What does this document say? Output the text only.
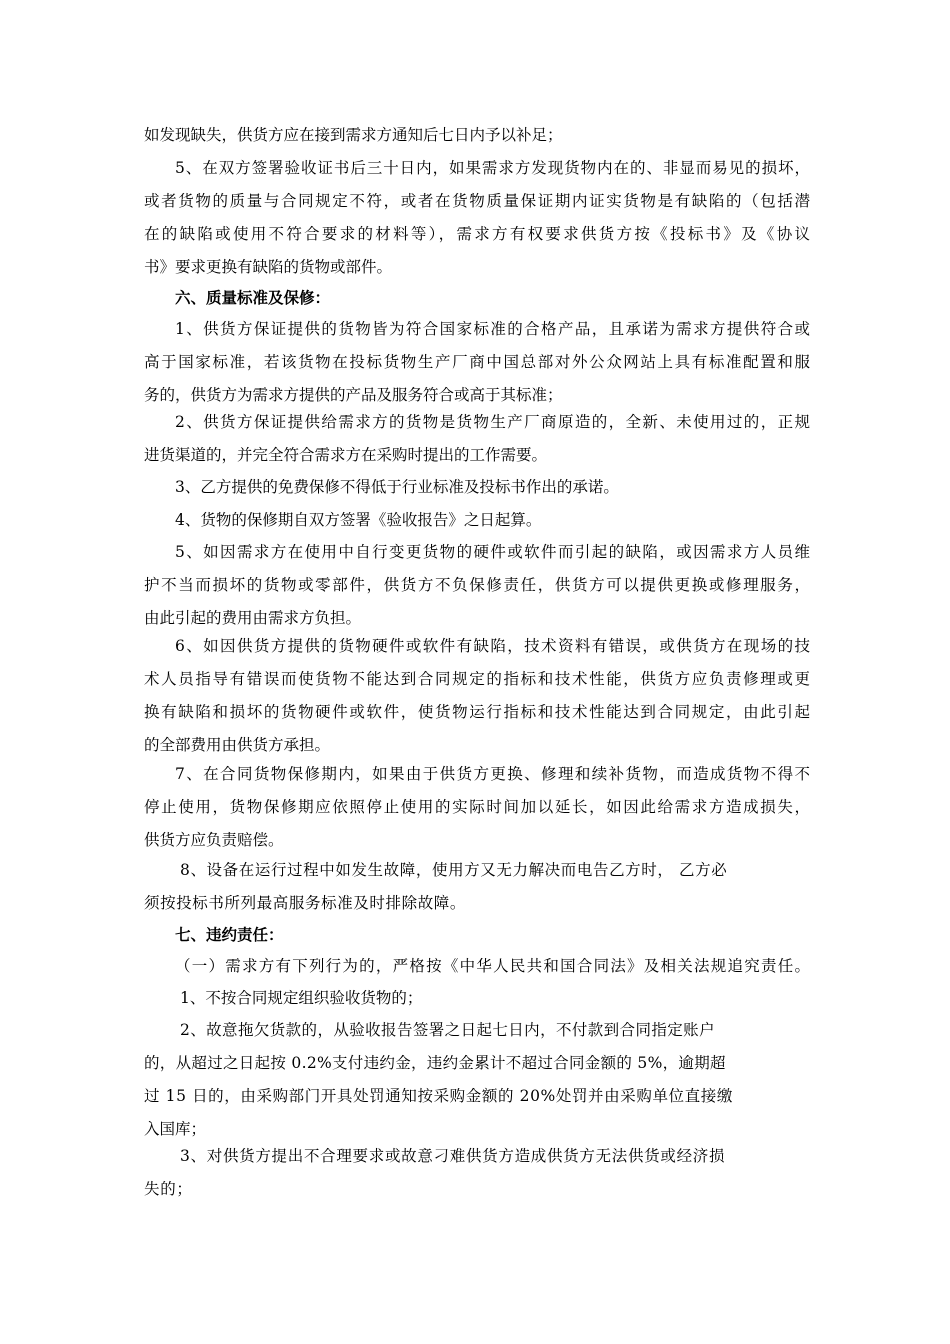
如发现缺失，供货方应在接到需求方通知后七日内予以补足；
5、在双方签署验收证书后三十日内，如果需求方发现货物内在的、非显而易见的损坏，
或者货物的质量与合同规定不符，或者在货物质量保证期内证实货物是有缺陷的（包括潜
在的缺陷或使用不符合要求的材料等），需求方有权要求供货方按《投标书》及《协议
书》要求更换有缺陷的货物或部件。
六、质量标准及保修：
1、供货方保证提供的货物皆为符合国家标准的合格产品，且承诺为需求方提供符合或
高于国家标准，若该货物在投标货物生产厂商中国总部对外公众网站上具有标准配置和服
务的，供货方为需求方提供的产品及服务符合或高于其标准；
2、供货方保证提供给需求方的货物是货物生产厂商原造的，全新、未使用过的，正规
进货渠道的，并完全符合需求方在采购时提出的工作需要。
3、乙方提供的免费保修不得低于行业标准及投标书作出的承诺。
4、货物的保修期自双方签署《验收报告》之日起算。
5、如因需求方在使用中自行变更货物的硬件或软件而引起的缺陷，或因需求方人员维
护不当而损坏的货物或零部件，供货方不负保修责任，供货方可以提供更换或修理服务，
由此引起的费用由需求方负担。
6、如因供货方提供的货物硬件或软件有缺陷，技术资料有错误，或供货方在现场的技
术人员指导有错误而使货物不能达到合同规定的指标和技术性能，供货方应负责修理或更
换有缺陷和损坏的货物硬件或软件，使货物运行指标和技术性能达到合同规定，由此引起
的全部费用由供货方承担。
7、在合同货物保修期内，如果由于供货方更换、修理和续补货物，而造成货物不得不
停止使用，货物保修期应依照停止使用的实际时间加以延长，如因此给需求方造成损失，
供货方应负责赔偿。
8、设备在运行过程中如发生故障，使用方又无力解决而电告乙方时， 乙方必
须按投标书所列最高服务标准及时排除故障。
七、违约责任：
（一）需求方有下列行为的，严格按《中华人民共和国合同法》及相关法规追究责任。
1、不按合同规定组织验收货物的；
2、故意拖欠货款的，从验收报告签署之日起七日内，不付款到合同指定账户
的，从超过之日起按 0.2%支付违约金，违约金累计不超过合同金额的 5%，逾期超
过 15 日的，由采购部门开具处罚通知按采购金额的 20%处罚并由采购单位直接缴
入国库；
3、对供货方提出不合理要求或故意刁难供货方造成供货方无法供货或经济损
失的；
